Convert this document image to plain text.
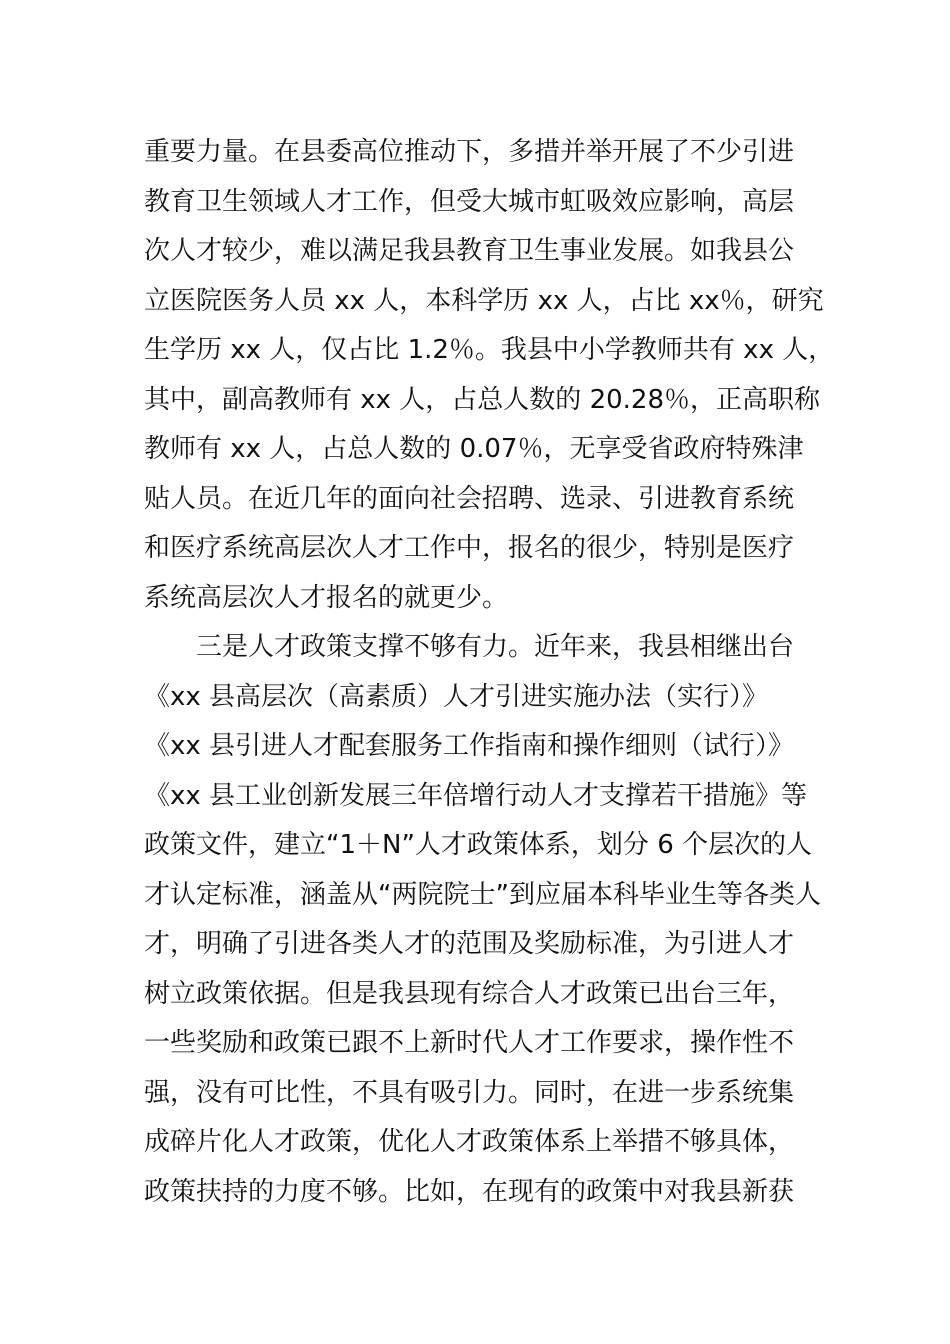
重要力量。在县委高位推动下，多措并举开展了不少引进
教育卫生领域人才工作，但受大城市虹吸效应影响，高层
次人才较少，难以满足我县教育卫生事业发展。如我县公
立医院医务人员 xx 人，本科学历 xx 人，占比 xx％，研究
生学历 xx 人，仅占比 1.2％。我县中小学教师共有 xx 人，
其中，副高教师有 xx 人，占总人数的 20.28％，正高职称
教师有 xx 人，占总人数的 0.07％，无享受省政府特殊津
贴人员。在近几年的面向社会招聘、选录、引进教育系统
和医疗系统高层次人才工作中，报名的很少，特别是医疗
系统高层次人才报名的就更少。
　　三是人才政策支撑不够有力。近年来，我县相继出台
《xx 县高层次（高素质）人才引进实施办法（实行）》
《xx 县引进人才配套服务工作指南和操作细则（试行）》
《xx 县工业创新发展三年倍增行动人才支撑若干措施》等
政策文件，建立“1＋N”人才政策体系，划分 6 个层次的人
才认定标准，涵盖从“两院院士”到应届本科毕业生等各类人
才，明确了引进各类人才的范围及奖励标准，为引进人才
树立政策依据。但是我县现有综合人才政策已出台三年，
一些奖励和政策已跟不上新时代人才工作要求，操作性不
强，没有可比性，不具有吸引力。同时，在进一步系统集
成碎片化人才政策，优化人才政策体系上举措不够具体，
政策扶持的力度不够。比如，在现有的政策中对我县新获
